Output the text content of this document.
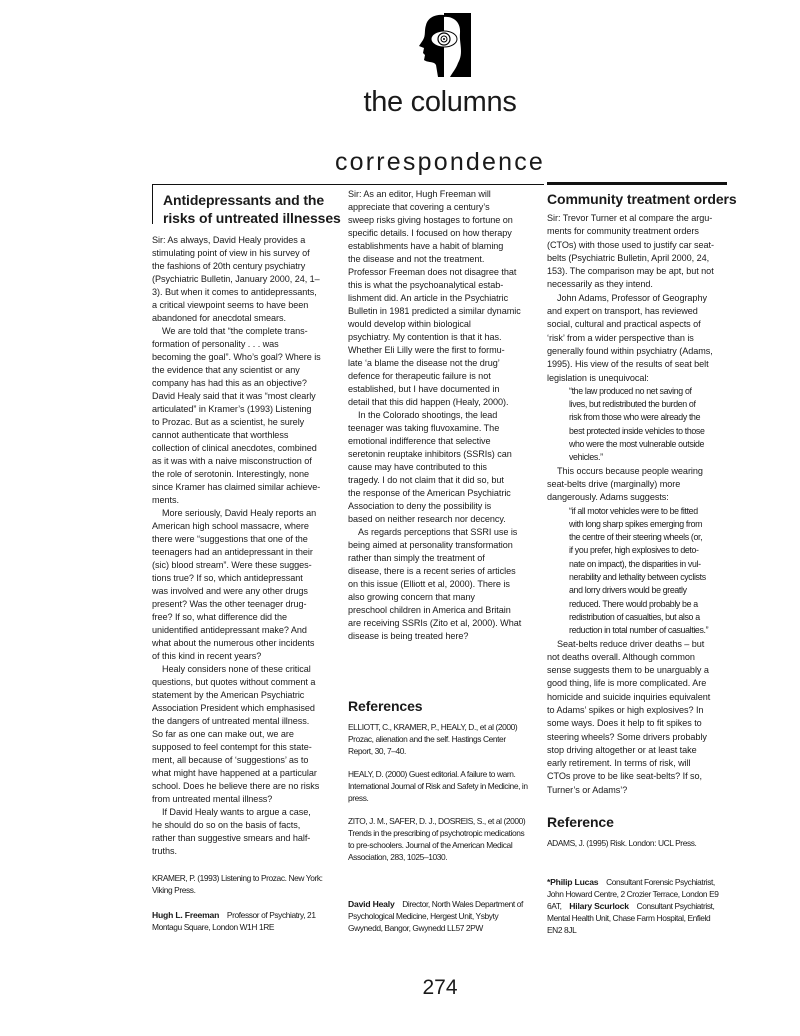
the columns
correspondence
Antidepressants and the
risks of untreated illnesses
Sir: As always, David Healy provides a
stimulating point of view in his survey of
the fashions of 20th century psychiatry
(Psychiatric Bulletin, January 2000, 24, 1–
3). But when it comes to antidepressants,
a critical viewpoint seems to have been
abandoned for anecdotal smears.
We are told that “the complete trans-
formation of personality . . . was
becoming the goal”. Who’s goal? Where is
the evidence that any scientist or any
company has had this as an objective?
David Healy said that it was “most clearly
articulated” in Kramer’s (1993) Listening
to Prozac. But as a scientist, he surely
cannot authenticate that worthless
collection of clinical anecdotes, combined
as it was with a naive misconstruction of
the role of serotonin. Interestingly, none
since Kramer has claimed similar achieve-
ments.
More seriously, David Healy reports an
American high school massacre, where
there were “suggestions that one of the
teenagers had an antidepressant in their
(sic) blood stream”. Were these sugges-
tions true? If so, which antidepressant
was involved and were any other drugs
present? Was the other teenager drug-
free? If so, what difference did the
unidentified antidepressant make? And
what about the numerous other incidents
of this kind in recent years?
Healy considers none of these critical
questions, but quotes without comment a
statement by the American Psychiatric
Association President which emphasised
the dangers of untreated mental illness.
So far as one can make out, we are
supposed to feel contempt for this state-
ment, all because of ‘suggestions’ as to
what might have happened at a particular
school. Does he believe there are no risks
from untreated mental illness?
If David Healy wants to argue a case,
he should do so on the basis of facts,
rather than suggestive smears and half-
truths.
KRAMER, P. (1993) Listening to Prozac. New York:
Viking Press.
Hugh L. Freeman Professor of Psychiatry, 21
Montagu Square, London W1H 1RE
Sir: As an editor, Hugh Freeman will
appreciate that covering a century’s
sweep risks giving hostages to fortune on
specific details. I focused on how therapy
establishments have a habit of blaming
the disease and not the treatment.
Professor Freeman does not disagree that
this is what the psychoanalytical estab-
lishment did. An article in the Psychiatric
Bulletin in 1981 predicted a similar dynamic
would develop within biological
psychiatry. My contention is that it has.
Whether Eli Lilly were the first to formu-
late ‘a blame the disease not the drug’
defence for therapeutic failure is not
established, but I have documented in
detail that this did happen (Healy, 2000).
In the Colorado shootings, the lead
teenager was taking fluvoxamine. The
emotional indifference that selective
seretonin reuptake inhibitors (SSRIs) can
cause may have contributed to this
tragedy. I do not claim that it did so, but
the response of the American Psychiatric
Association to deny the possibility is
based on neither research nor decency.
As regards perceptions that SSRI use is
being aimed at personality transformation
rather than simply the treatment of
disease, there is a recent series of articles
on this issue (Elliott et al, 2000). There is
also growing concern that many
preschool children in America and Britain
are receiving SSRIs (Zito et al, 2000). What
disease is being treated here?
References
ELLIOTT, C., KRAMER, P., HEALY, D., et al (2000)
Prozac, alienation and the self. Hastings Center
Report, 30, 7–40.
HEALY, D. (2000) Guest editorial. A failure to warn.
International Journal of Risk and Safety in Medicine, in
press.
ZITO, J. M., SAFER, D. J., DOSREIS, S., et al (2000)
Trends in the prescribing of psychotropic medications
to pre-schoolers. Journal of the American Medical
Association, 283, 1025–1030.
David Healy Director, North Wales Department of
Psychological Medicine, Hergest Unit, Ysbyty
Gwynedd, Bangor, Gwynedd LL57 2PW
Community treatment orders
Sir: Trevor Turner et al compare the argu-
ments for community treatment orders
(CTOs) with those used to justify car seat-
belts (Psychiatric Bulletin, April 2000, 24,
153). The comparison may be apt, but not
necessarily as they intend.
John Adams, Professor of Geography
and expert on transport, has reviewed
social, cultural and practical aspects of
‘risk’ from a wider perspective than is
generally found within psychiatry (Adams,
1995). His view of the results of seat belt
legislation is unequivocal:
“the law produced no net saving of
lives, but redistributed the burden of
risk from those who were already the
best protected inside vehicles to those
who were the most vulnerable outside
vehicles.”
This occurs because people wearing
seat-belts drive (marginally) more
dangerously. Adams suggests:
“if all motor vehicles were to be fitted
with long sharp spikes emerging from
the centre of their steering wheels (or,
if you prefer, high explosives to deto-
nate on impact), the disparities in vul-
nerability and lethality between cyclists
and lorry drivers would be greatly
reduced. There would probably be a
redistribution of casualties, but also a
reduction in total number of casualties.”
Seat-belts reduce driver deaths – but
not deaths overall. Although common
sense suggests them to be unarguably a
good thing, life is more complicated. Are
homicide and suicide inquiries equivalent
to Adams’ spikes or high explosives? In
some ways. Does it help to fit spikes to
steering wheels? Some drivers probably
stop driving altogether or at least take
early retirement. In terms of risk, will
CTOs prove to be like seat-belts? If so,
Turner’s or Adams’?
Reference
ADAMS, J. (1995) Risk. London: UCL Press.
*Philip Lucas Consultant Forensic Psychiatrist,
John Howard Centre, 2 Crozier Terrace, London E9
6AT, Hilary Scurlock Consultant Psychiatrist,
Mental Health Unit, Chase Farm Hospital, Enfield
EN2 8JL
274
